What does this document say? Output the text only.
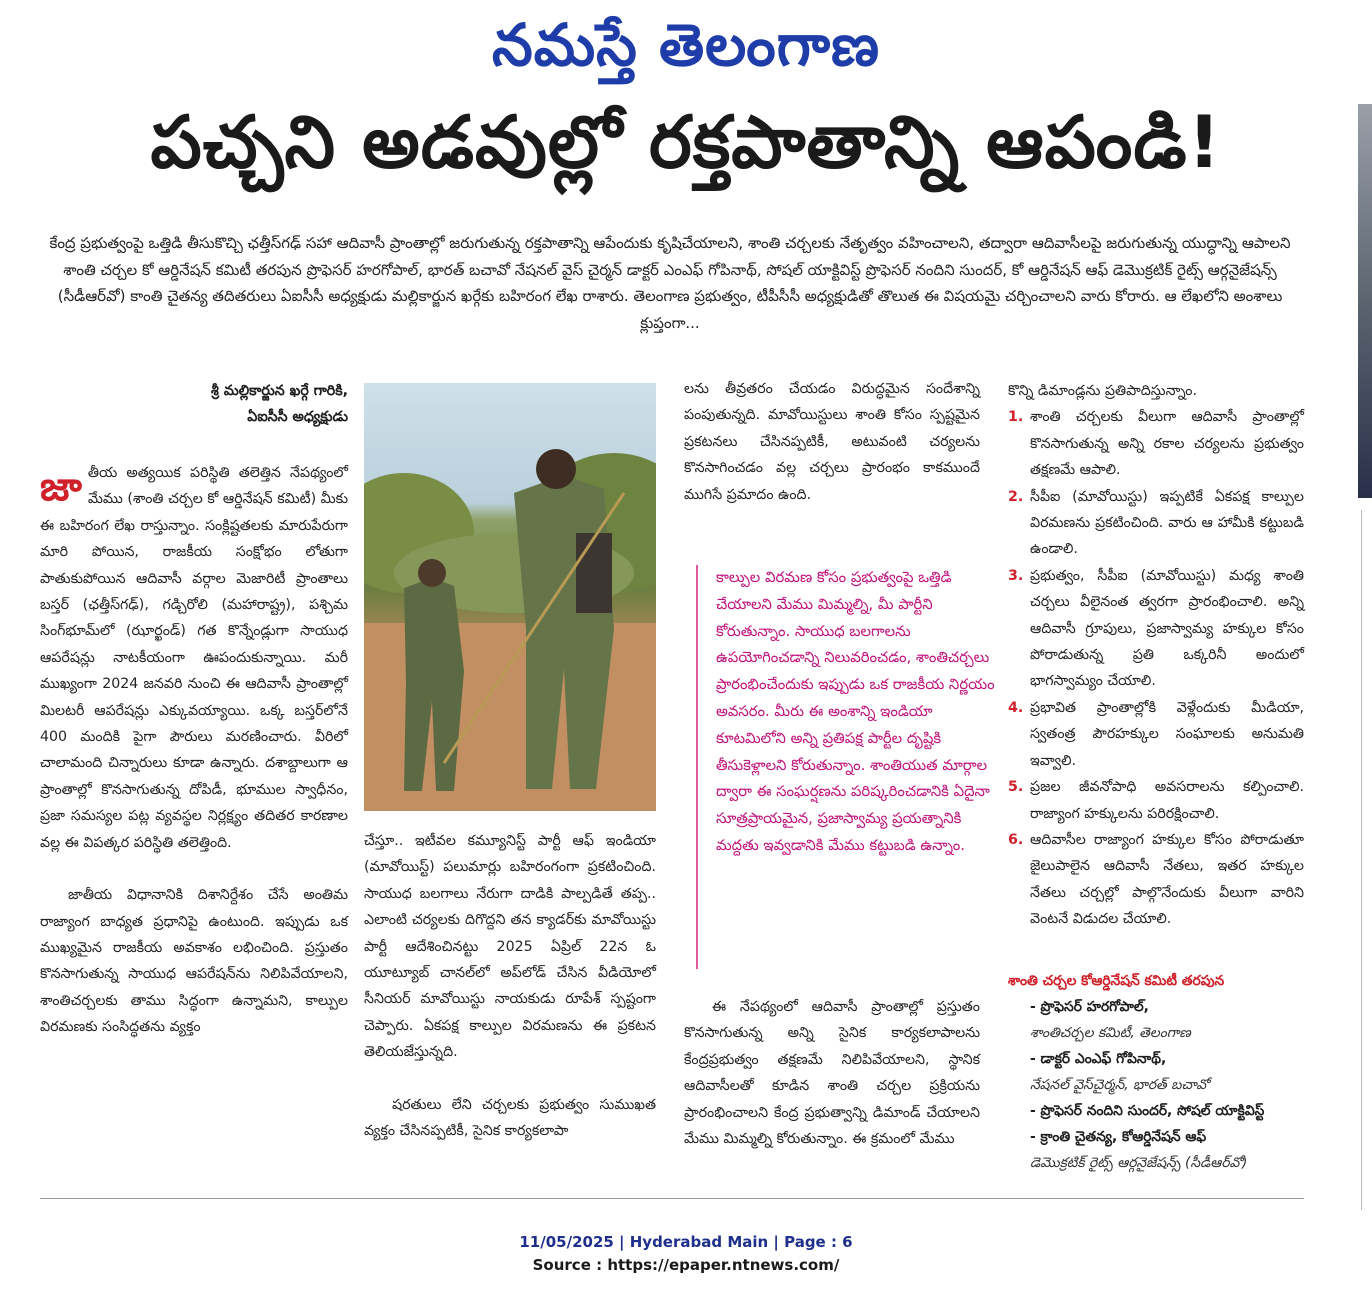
నమస్తే తెలంగాణ
పచ్చని అడవుల్లో రక్తపాతాన్ని ఆపండి!
కేంద్ర ప్రభుత్వంపై ఒత్తిడి తీసుకొచ్చి ఛత్తీస్‌గఢ్ సహా ఆదివాసీ ప్రాంతాల్లో జరుగుతున్న రక్తపాతాన్ని ఆపేందుకు కృషిచేయాలని, శాంతి చర్చలకు నేతృత్వం వహించాలని, తద్వారా ఆదివాసీలపై జరుగుతున్న యుద్ధాన్ని ఆపాలని శాంతి చర్చల కో ఆర్డినేషన్ కమిటీ తరపున ప్రొఫెసర్ హరగోపాల్, భారత్ బచావో నేషనల్ వైస్ చైర్మన్ డాక్టర్ ఎంఎఫ్ గోపినాథ్, సోషల్ యాక్టివిస్ట్ ప్రొఫెసర్ నందిని సుందర్, కో ఆర్డినేషన్ ఆఫ్ డెమొక్రటిక్ రైట్స్ ఆర్గనైజేషన్స్ (సీడీఆర్‌వో) కాంతి చైతన్య తదితరులు ఏఐసీసీ అధ్యక్షుడు మల్లికార్జున ఖర్గేకు బహిరంగ లేఖ రాశారు. తెలంగాణ ప్రభుత్వం, టీపీసీసీ అధ్యక్షుడితో తొలుత ఈ విషయమై చర్చించాలని వారు కోరారు. ఆ లేఖలోని అంశాలు క్లుప్తంగా...
శ్రీ మల్లికార్జున ఖర్గే గారికి,
ఏఐసీసీ అధ్యక్షుడు

జా తీయ అత్యయిక పరిస్థితి తలెత్తిన నేపథ్యంలో మేము (శాంతి చర్చల కో ఆర్డినేషన్ కమిటీ) మీకు ఈ బహిరంగ లేఖ రాస్తున్నాం. సంక్లిష్టతలకు మారుపేరుగా మారి పోయిన, రాజకీయ సంక్షోభం లోతుగా పాతుకుపోయిన ఆదివాసీ వర్గాల మెజారిటీ ప్రాంతాలు బస్తర్ (ఛత్తీస్‌గఢ్), గడ్చిరోలి (మహారాష్ట్ర), పశ్చిమ సింగ్‌భూమ్‌లో (ఝార్ఖండ్) గత కొన్నేండ్లుగా సాయుధ ఆపరేషన్లు నాటకీయంగా ఊపందుకున్నాయి. మరీ ముఖ్యంగా 2024 జనవరి నుంచి ఈ ఆదివాసీ ప్రాంతాల్లో మిలటరీ ఆపరేషన్లు ఎక్కువయ్యాయి. ఒక్క బస్తర్‌లోనే 400 మందికి పైగా పౌరులు మరణించారు. వీరిలో చాలామంది చిన్నారులు కూడా ఉన్నారు. దశాబ్దాలుగా ఆ ప్రాంతాల్లో కొనసాగుతున్న దోపిడీ, భూముల స్వాధీనం, ప్రజా సమస్యల పట్ల వ్యవస్థల నిర్లక్ష్యం తదితర కారణాల వల్ల ఈ విపత్కర పరిస్థితి తలెత్తింది.

జాతీయ విధానానికి దిశానిర్దేశం చేసే అంతిమ రాజ్యాంగ బాధ్యత ప్రధానిపై ఉంటుంది. ఇప్పుడు ఒక ముఖ్యమైన రాజకీయ అవకాశం లభించింది. ప్రస్తుతం కొనసాగుతున్న సాయుధ ఆపరేషన్‌ను నిలిపివేయాలని, శాంతిచర్చలకు తాము సిద్ధంగా ఉన్నామని, కాల్పుల విరమణకు సంసిద్ధతను వ్యక్తం

చేస్తూ.. ఇటీవల కమ్యూనిస్ట్ పార్టీ ఆఫ్ ఇండియా (మావోయిస్ట్) పలుమార్లు బహిరంగంగా ప్రకటించింది. సాయుధ బలగాలు నేరుగా దాడికి పాల్పడితే తప్ప.. ఎలాంటి చర్యలకు దిగొద్దని తన క్యాడర్‌కు మావోయిస్టు పార్టీ ఆదేశించినట్టు 2025 ఏప్రిల్ 22న ఓ యూట్యూబ్ చానల్‌లో అప్‌లోడ్ చేసిన వీడియోలో సీనియర్ మావోయిస్టు నాయకుడు రూపేశ్ స్పష్టంగా చెప్పారు. ఏకపక్ష కాల్పుల విరమణను ఈ ప్రకటన తెలియజేస్తున్నది.

షరతులు లేని చర్చలకు ప్రభుత్వం సుముఖత వ్యక్తం చేసినప్పటికీ, సైనిక కార్యకలాపా

లను తీవ్రతరం చేయడం విరుద్ధమైన సందేశాన్ని పంపుతున్నది. మావోయిస్టులు శాంతి కోసం స్పష్టమైన ప్రకటనలు చేసినప్పటికీ, అటువంటి చర్యలను కొనసాగించడం వల్ల చర్చలు ప్రారంభం కాకముందే ముగిసే ప్రమాదం ఉంది.

కాల్పుల విరమణ కోసం ప్రభుత్వంపై ఒత్తిడి చేయాలని మేము మిమ్మల్ని, మీ పార్టీని కోరుతున్నాం. సాయుధ బలగాలను ఉపయోగించడాన్ని నిలువరించడం, శాంతిచర్చలు ప్రారంభించేందుకు ఇప్పుడు ఒక రాజకీయ నిర్ణయం అవసరం. మీరు ఈ అంశాన్ని ఇండియా కూటమిలోని అన్ని ప్రతిపక్ష పార్టీల దృష్టికి తీసుకెళ్లాలని కోరుతున్నాం. శాంతియుత మార్గాల ద్వారా ఈ సంఘర్షణను పరిష్కరించడానికి ఏదైనా సూత్రప్రాయమైన, ప్రజాస్వామ్య ప్రయత్నానికి మద్దతు ఇవ్వడానికి మేము కట్టుబడి ఉన్నాం.

ఈ నేపథ్యంలో ఆదివాసీ ప్రాంతాల్లో ప్రస్తుతం కొనసాగుతున్న అన్ని సైనిక కార్యకలాపాలను కేంద్రప్రభుత్వం తక్షణమే నిలిపివేయాలని, స్థానిక ఆదివాసీలతో కూడిన శాంతి చర్చల ప్రక్రియను ప్రారంభించాలని కేంద్ర ప్రభుత్వాన్ని డిమాండ్ చేయాలని మేము మిమ్మల్ని కోరుతున్నాం. ఈ క్రమంలో మేము

కొన్ని డిమాండ్లను ప్రతిపాదిస్తున్నాం.

1. శాంతి చర్చలకు వీలుగా ఆదివాసీ ప్రాంతాల్లో కొనసాగుతున్న అన్ని రకాల చర్యలను ప్రభుత్వం తక్షణమే ఆపాలి.
2. సీపీఐ (మావోయిస్టు) ఇప్పటికే ఏకపక్ష కాల్పుల విరమణను ప్రకటించింది. వారు ఆ హామీకి కట్టుబడి ఉండాలి.
3. ప్రభుత్వం, సీపీఐ (మావోయిస్టు) మధ్య శాంతి చర్చలు వీలైనంత త్వరగా ప్రారంభించాలి. అన్ని ఆదివాసీ గ్రూపులు, ప్రజాస్వామ్య హక్కుల కోసం పోరాడుతున్న ప్రతి ఒక్కరినీ అందులో భాగస్వామ్యం చేయాలి.
4. ప్రభావిత ప్రాంతాల్లోకి వెళ్లేందుకు మీడియా, స్వతంత్ర పౌరహక్కుల సంఘాలకు అనుమతి ఇవ్వాలి.
5. ప్రజల జీవనోపాధి అవసరాలను కల్పించాలి. రాజ్యాంగ హక్కులను పరిరక్షించాలి.
6. ఆదివాసీల రాజ్యాంగ హక్కుల కోసం పోరాడుతూ జైలుపాలైన ఆదివాసీ నేతలు, ఇతర హక్కుల నేతలు చర్చల్లో పాల్గొనేందుకు వీలుగా వారిని వెంటనే విడుదల చేయాలి.
శాంతి చర్చల కోఆర్డినేషన్ కమిటీ తరపున
- ప్రొఫెసర్ హరగోపాల్,
శాంతిచర్చల కమిటీ, తెలంగాణ
- డాక్టర్ ఎంఎఫ్ గోపినాథ్,
నేషనల్ వైస్‌చైర్మన్, భారత్ బచావో
- ప్రొఫెసర్ నందిని సుందర్, సోషల్ యాక్టివిస్ట్
- క్రాంతి చైతన్య, కోఆర్డినేషన్ ఆఫ్
డెమొక్రటిక్ రైట్స్ ఆర్గనైజేషన్స్ (సీడీఆర్‌వో)
11/05/2025 | Hyderabad Main | Page : 6
Source : https://epaper.ntnews.com/
